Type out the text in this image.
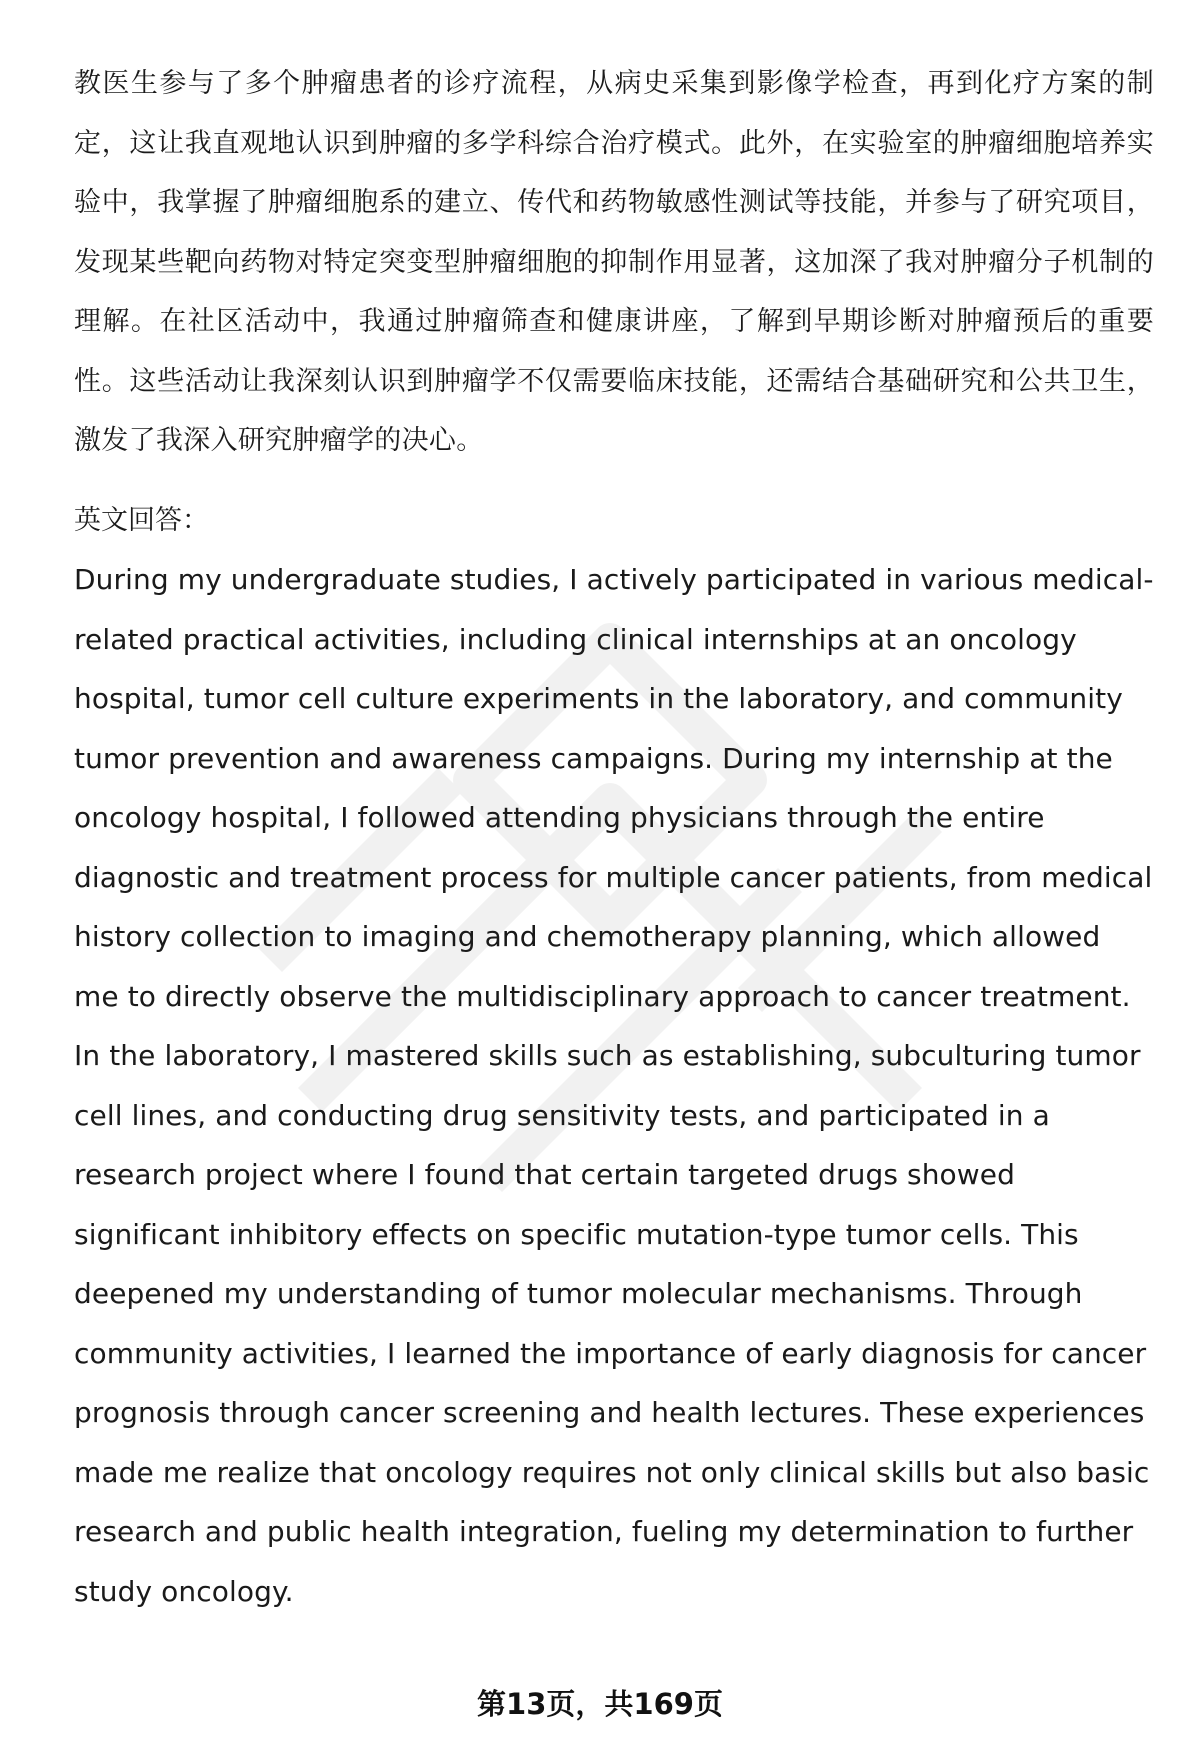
教医生参与了多个肿瘤患者的诊疗流程，从病史采集到影像学检查，再到化疗方案的制定，这让我直观地认识到肿瘤的多学科综合治疗模式。此外，在实验室的肿瘤细胞培养实验中，我掌握了肿瘤细胞系的建立、传代和药物敏感性测试等技能，并参与了研究项目，发现某些靶向药物对特定突变型肿瘤细胞的抑制作用显著，这加深了我对肿瘤分子机制的理解。在社区活动中，我通过肿瘤筛查和健康讲座，了解到早期诊断对肿瘤预后的重要性。这些活动让我深刻认识到肿瘤学不仅需要临床技能，还需结合基础研究和公共卫生，激发了我深入研究肿瘤学的决心。

英文回答：

During my undergraduate studies, I actively participated in various medical-related practical activities, including clinical internships at an oncology hospital, tumor cell culture experiments in the laboratory, and community tumor prevention and awareness campaigns. During my internship at the oncology hospital, I followed attending physicians through the entire diagnostic and treatment process for multiple cancer patients, from medical history collection to imaging and chemotherapy planning, which allowed me to directly observe the multidisciplinary approach to cancer treatment. In the laboratory, I mastered skills such as establishing, subculturing tumor cell lines, and conducting drug sensitivity tests, and participated in a research project where I found that certain targeted drugs showed significant inhibitory effects on specific mutation-type tumor cells. This deepened my understanding of tumor molecular mechanisms. Through community activities, I learned the importance of early diagnosis for cancer prognosis through cancer screening and health lectures. These experiences made me realize that oncology requires not only clinical skills but also basic research and public health integration, fueling my determination to further study oncology.

第13页，共169页
